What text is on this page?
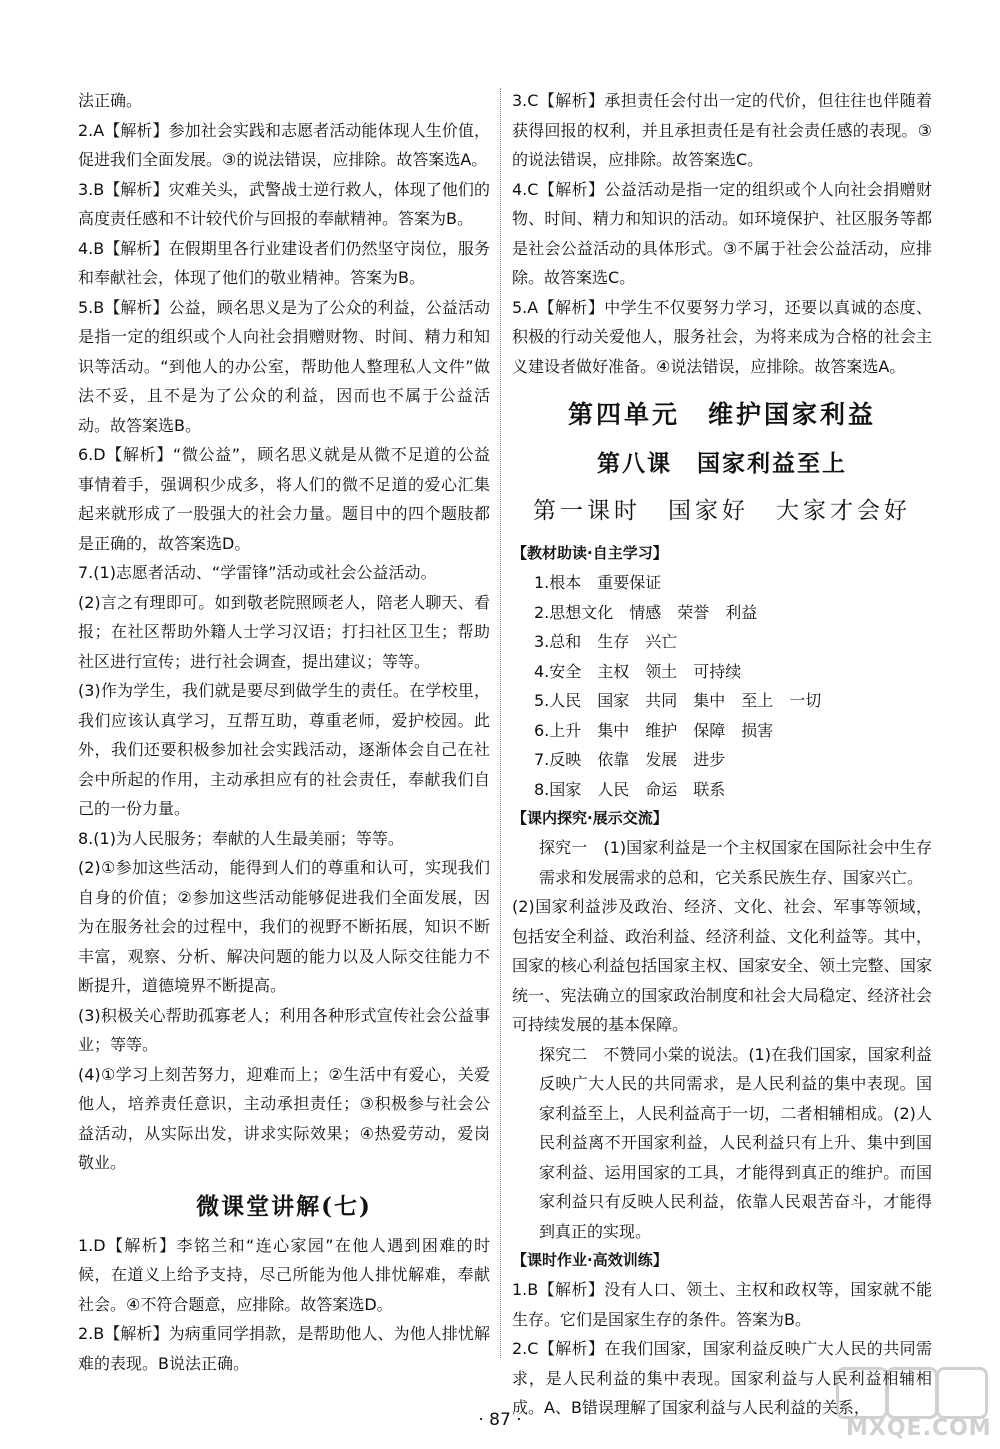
法正确。

2.A【解析】参加社会实践和志愿者活动能体现人生价值，促进我们全面发展。③的说法错误，应排除。故答案选A。

3.B【解析】灾难关头，武警战士逆行救人，体现了他们的高度责任感和不计较代价与回报的奉献精神。答案为B。

4.B【解析】在假期里各行业建设者们仍然坚守岗位，服务和奉献社会，体现了他们的敬业精神。答案为B。

5.B【解析】公益，顾名思义是为了公众的利益，公益活动是指一定的组织或个人向社会捐赠财物、时间、精力和知识等活动。“到他人的办公室，帮助他人整理私人文件”做法不妥，且不是为了公众的利益，因而也不属于公益活动。故答案选B。

6.D【解析】“微公益”，顾名思义就是从微不足道的公益事情着手，强调积少成多，将人们的微不足道的爱心汇集起来就形成了一股强大的社会力量。题目中的四个题肢都是正确的，故答案选D。

7.(1)志愿者活动、“学雷锋”活动或社会公益活动。

(2)言之有理即可。如到敬老院照顾老人，陪老人聊天、看报；在社区帮助外籍人士学习汉语；打扫社区卫生；帮助社区进行宣传；进行社会调查，提出建议；等等。

(3)作为学生，我们就是要尽到做学生的责任。在学校里，我们应该认真学习，互帮互助，尊重老师，爱护校园。此外，我们还要积极参加社会实践活动，逐渐体会自己在社会中所起的作用，主动承担应有的社会责任，奉献我们自己的一份力量。

8.(1)为人民服务；奉献的人生最美丽；等等。

(2)①参加这些活动，能得到人们的尊重和认可，实现我们自身的价值；②参加这些活动能够促进我们全面发展，因为在服务社会的过程中，我们的视野不断拓展，知识不断丰富，观察、分析、解决问题的能力以及人际交往能力不断提升，道德境界不断提高。

(3)积极关心帮助孤寡老人；利用各种形式宣传社会公益事业；等等。

(4)①学习上刻苦努力，迎难而上；②生活中有爱心，关爱他人，培养责任意识，主动承担责任；③积极参与社会公益活动，从实际出发，讲求实际效果；④热爱劳动，爱岗敬业。

微课堂讲解(七)

1.D【解析】李铭兰和“连心家园”在他人遇到困难的时候，在道义上给予支持，尽己所能为他人排忧解难，奉献社会。④不符合题意，应排除。故答案选D。

2.B【解析】为病重同学捐款，是帮助他人、为他人排忧解难的表现。B说法正确。

3.C【解析】承担责任会付出一定的代价，但往往也伴随着获得回报的权利，并且承担责任是有社会责任感的表现。③的说法错误，应排除。故答案选C。

4.C【解析】公益活动是指一定的组织或个人向社会捐赠财物、时间、精力和知识的活动。如环境保护、社区服务等都是社会公益活动的具体形式。③不属于社会公益活动，应排除。故答案选C。

5.A【解析】中学生不仅要努力学习，还要以真诚的态度、积极的行动关爱他人，服务社会，为将来成为合格的社会主义建设者做好准备。④说法错误，应排除。故答案选A。

第四单元　维护国家利益
第八课　国家利益至上
第一课时　国家好　大家才会好
【教材助读·自主学习】
1.根本　重要保证
2.思想文化　情感　荣誉　利益
3.总和　生存　兴亡
4.安全　主权　领土　可持续
5.人民　国家　共同　集中　至上　一切
6.上升　集中　维护　保障　损害
7.反映　依靠　发展　进步
8.国家　人民　命运　联系
【课内探究·展示交流】

探究一　(1)国家利益是一个主权国家在国际社会中生存需求和发展需求的总和，它关系民族生存、国家兴亡。

(2)国家利益涉及政治、经济、文化、社会、军事等领域，包括安全利益、政治利益、经济利益、文化利益等。其中，国家的核心利益包括国家主权、国家安全、领土完整、国家统一、宪法确立的国家政治制度和社会大局稳定、经济社会可持续发展的基本保障。

探究二　不赞同小棠的说法。(1)在我们国家，国家利益反映广大人民的共同需求，是人民利益的集中表现。国家利益至上，人民利益高于一切，二者相辅相成。(2)人民利益离不开国家利益，人民利益只有上升、集中到国家利益、运用国家的工具，才能得到真正的维护。而国家利益只有反映人民利益，依靠人民艰苦奋斗，才能得到真正的实现。

【课时作业·高效训练】

1.B【解析】没有人口、领土、主权和政权等，国家就不能生存。它们是国家生存的条件。答案为B。

2.C【解析】在我们国家，国家利益反映广大人民的共同需求，是人民利益的集中表现。国家利益与人民利益相辅相成。A、B错误理解了国家利益与人民利益的关系，

· 87 ·	MXQE.COM
